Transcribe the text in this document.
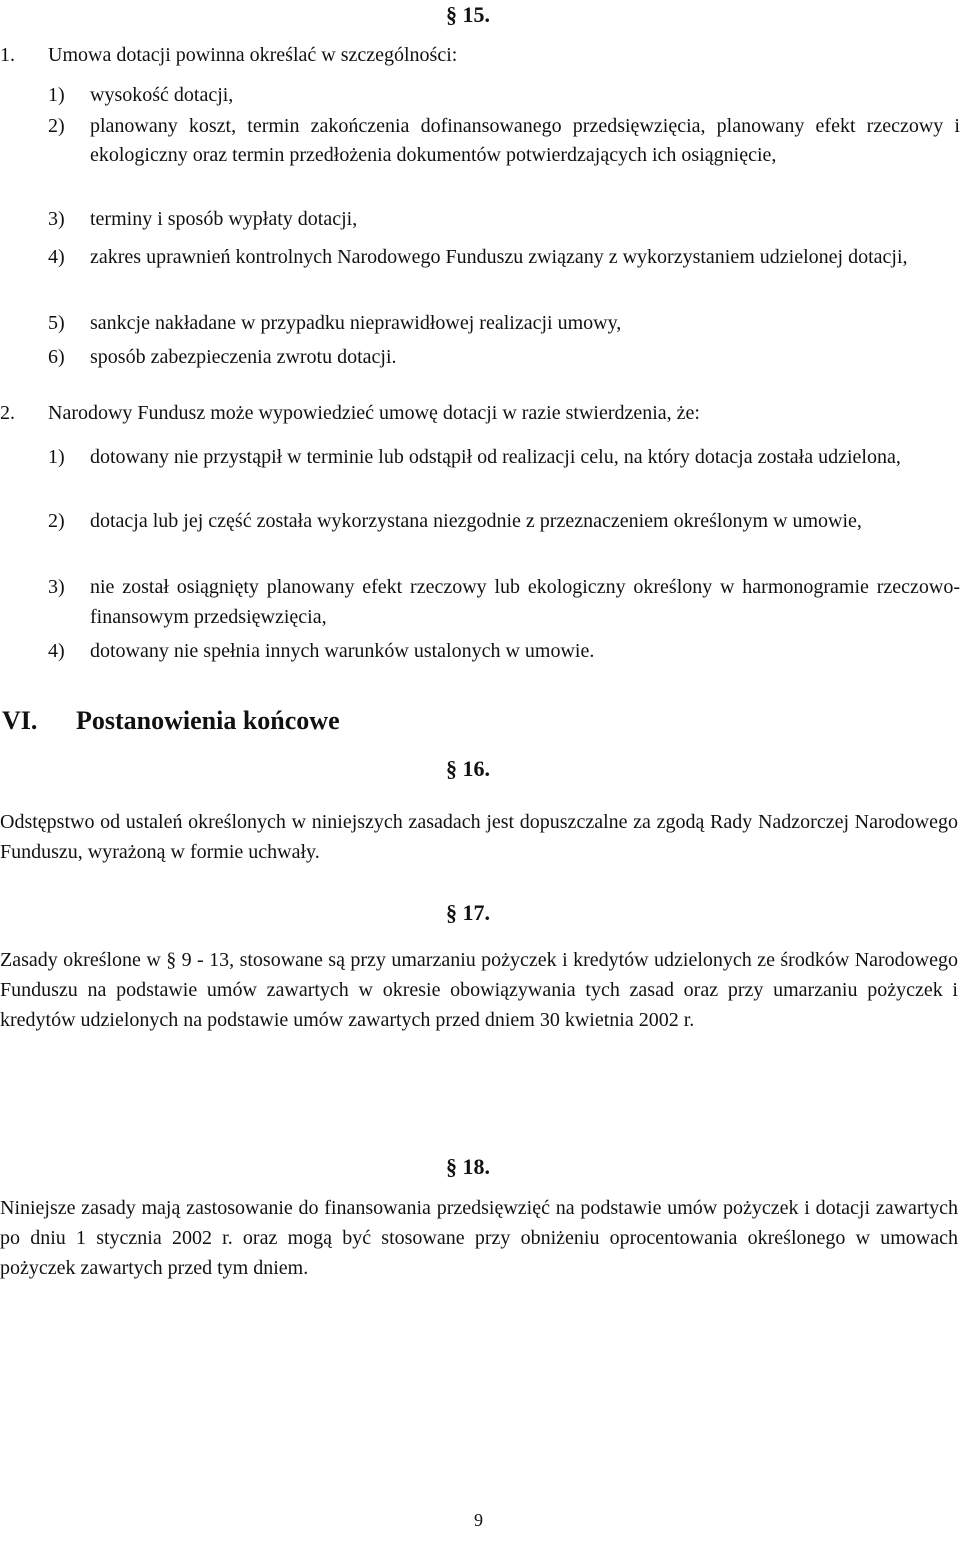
§ 15.
1. Umowa dotacji powinna określać w szczególności:
1) wysokość dotacji,
2) planowany koszt, termin zakończenia dofinansowanego przedsięwzięcia, planowany efekt rzeczowy i ekologiczny oraz termin przedłożenia dokumentów potwierdzających ich osiągnięcie,
3) terminy i sposób wypłaty dotacji,
4) zakres uprawnień kontrolnych Narodowego Funduszu związany z wykorzystaniem udzielonej dotacji,
5) sankcje nakładane w przypadku nieprawidłowej realizacji umowy,
6) sposób zabezpieczenia zwrotu dotacji.
2. Narodowy Fundusz może wypowiedzieć umowę dotacji w razie stwierdzenia, że:
1) dotowany nie przystąpił w terminie lub odstąpił od realizacji celu, na który dotacja została udzielona,
2) dotacja lub jej część została wykorzystana niezgodnie z przeznaczeniem określonym w umowie,
3) nie został osiągnięty planowany efekt rzeczowy lub ekologiczny określony w harmonogramie rzeczowo-finansowym przedsięwzięcia,
4) dotowany nie spełnia innych warunków ustalonych w umowie.
VI. Postanowienia końcowe
§ 16.
Odstępstwo od ustaleń określonych w niniejszych zasadach jest dopuszczalne za zgodą Rady Nadzorczej Narodowego Funduszu, wyrażoną w formie uchwały.
§ 17.
Zasady określone w § 9 - 13, stosowane są przy umarzaniu pożyczek i kredytów udzielonych ze środków Narodowego Funduszu na podstawie umów zawartych w okresie obowiązywania tych zasad oraz przy umarzaniu pożyczek i kredytów udzielonych na podstawie umów zawartych przed dniem 30 kwietnia 2002 r.
§ 18.
Niniejsze zasady mają zastosowanie do finansowania przedsięwzięć na podstawie umów pożyczek i dotacji zawartych po dniu 1 stycznia 2002 r. oraz mogą być stosowane przy obniżeniu oprocentowania określonego w umowach pożyczek zawartych przed tym dniem.
9
